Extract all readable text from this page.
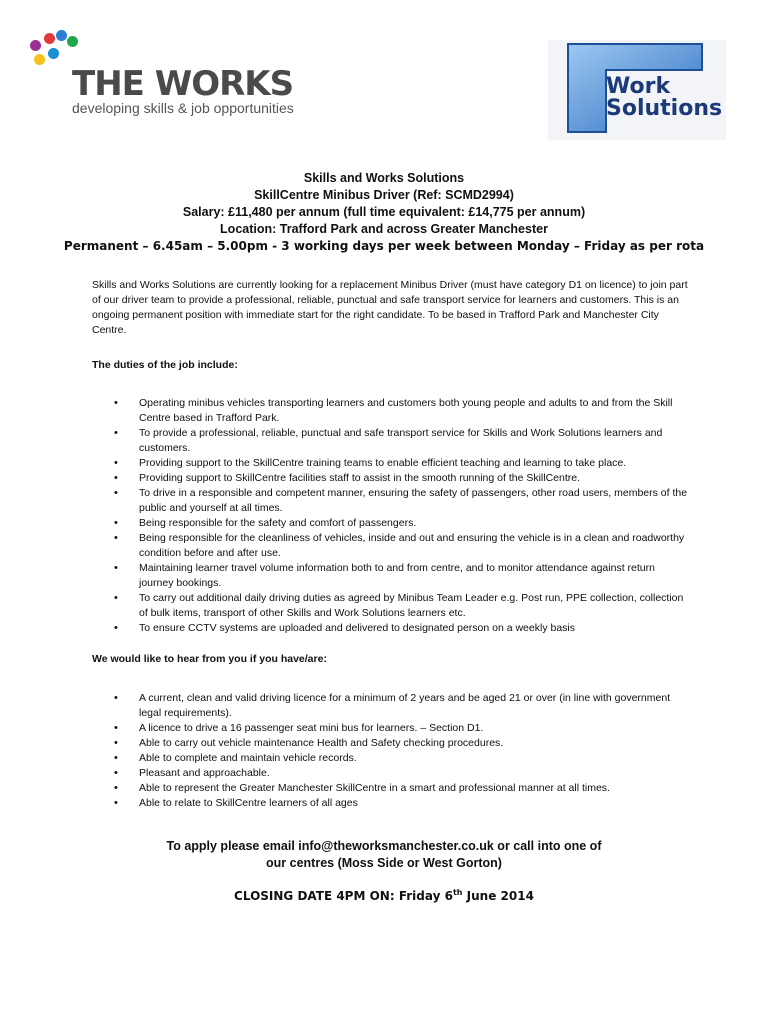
THE WORKS
developing skills & job opportunities
Work
Solutions
Skills and Works Solutions
SkillCentre Minibus Driver (Ref: SCMD2994)
Salary: £11,480 per annum (full time equivalent: £14,775 per annum)
Location: Trafford Park and across Greater Manchester
Permanent – 6.45am – 5.00pm - 3 working days per week between Monday – Friday as per rota

Skills and Works Solutions are currently looking for a replacement Minibus Driver (must have category D1 on licence) to join part of our driver team to provide a professional, reliable, punctual and safe transport service for learners and customers. This is an ongoing permanent position with immediate start for the right candidate. To be based in Trafford Park and Manchester City Centre.

The duties of the job include:

• Operating minibus vehicles transporting learners and customers both young people and adults to and from the Skill Centre based in Trafford Park.
• To provide a professional, reliable, punctual and safe transport service for Skills and Work Solutions learners and customers.
• Providing support to the SkillCentre training teams to enable efficient teaching and learning to take place.
• Providing support to SkillCentre facilities staff to assist in the smooth running of the SkillCentre.
• To drive in a responsible and competent manner, ensuring the safety of passengers, other road users, members of the public and yourself at all times.
• Being responsible for the safety and comfort of passengers.
• Being responsible for the cleanliness of vehicles, inside and out and ensuring the vehicle is in a clean and roadworthy condition before and after use.
• Maintaining learner travel volume information both to and from centre, and to monitor attendance against return journey bookings.
• To carry out additional daily driving duties as agreed by Minibus Team Leader e.g. Post run, PPE collection, collection of bulk items, transport of other Skills and Work Solutions learners etc.
• To ensure CCTV systems are uploaded and delivered to designated person on a weekly basis

We would like to hear from you if you have/are:

• A current, clean and valid driving licence for a minimum of 2 years and be aged 21 or over (in line with government legal requirements).
• A licence to drive a 16 passenger seat mini bus for learners. – Section D1.
• Able to carry out vehicle maintenance Health and Safety checking procedures.
• Able to complete and maintain vehicle records.
• Pleasant and approachable.
• Able to represent the Greater Manchester SkillCentre in a smart and professional manner at all times.
• Able to relate to SkillCentre learners of all ages
To apply please email info@theworksmanchester.co.uk or call into one of
our centres (Moss Side or West Gorton)
CLOSING DATE 4PM ON: Friday 6th June 2014
